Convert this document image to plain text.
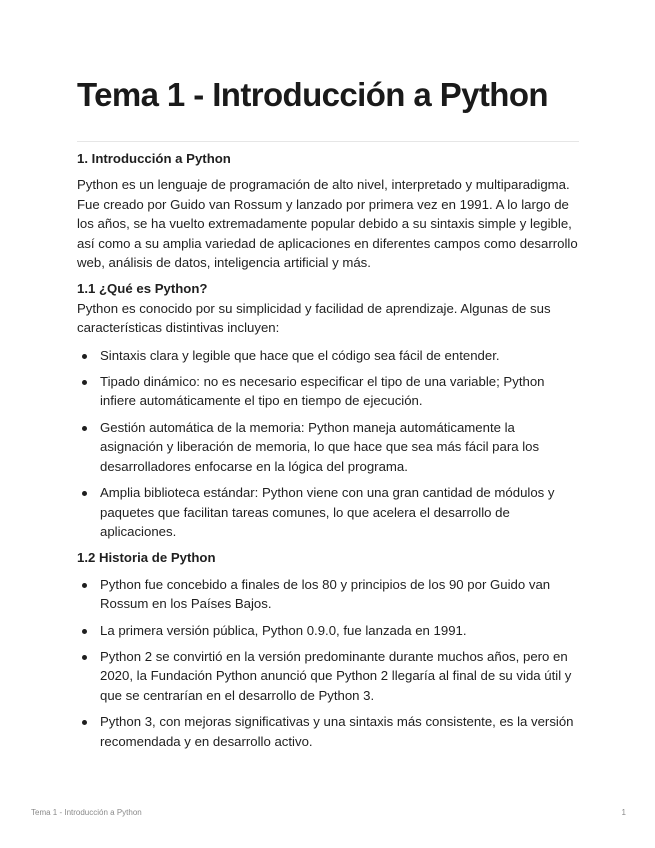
Tema 1 - Introducción a Python

1. Introducción a Python

Python es un lenguaje de programación de alto nivel, interpretado y multiparadigma. Fue creado por Guido van Rossum y lanzado por primera vez en 1991. A lo largo de los años, se ha vuelto extremadamente popular debido a su sintaxis simple y legible, así como a su amplia variedad de aplicaciones en diferentes campos como desarrollo web, análisis de datos, inteligencia artificial y más.

1.1 ¿Qué es Python?

Python es conocido por su simplicidad y facilidad de aprendizaje. Algunas de sus características distintivas incluyen:

Sintaxis clara y legible que hace que el código sea fácil de entender.
Tipado dinámico: no es necesario especificar el tipo de una variable; Python infiere automáticamente el tipo en tiempo de ejecución.
Gestión automática de la memoria: Python maneja automáticamente la asignación y liberación de memoria, lo que hace que sea más fácil para los desarrolladores enfocarse en la lógica del programa.
Amplia biblioteca estándar: Python viene con una gran cantidad de módulos y paquetes que facilitan tareas comunes, lo que acelera el desarrollo de aplicaciones.

1.2 Historia de Python

Python fue concebido a finales de los 80 y principios de los 90 por Guido van Rossum en los Países Bajos.
La primera versión pública, Python 0.9.0, fue lanzada en 1991.
Python 2 se convirtió en la versión predominante durante muchos años, pero en 2020, la Fundación Python anunció que Python 2 llegaría al final de su vida útil y que se centrarían en el desarrollo de Python 3.
Python 3, con mejoras significativas y una sintaxis más consistente, es la versión recomendada y en desarrollo activo.
Tema 1 - Introducción a Python	1
